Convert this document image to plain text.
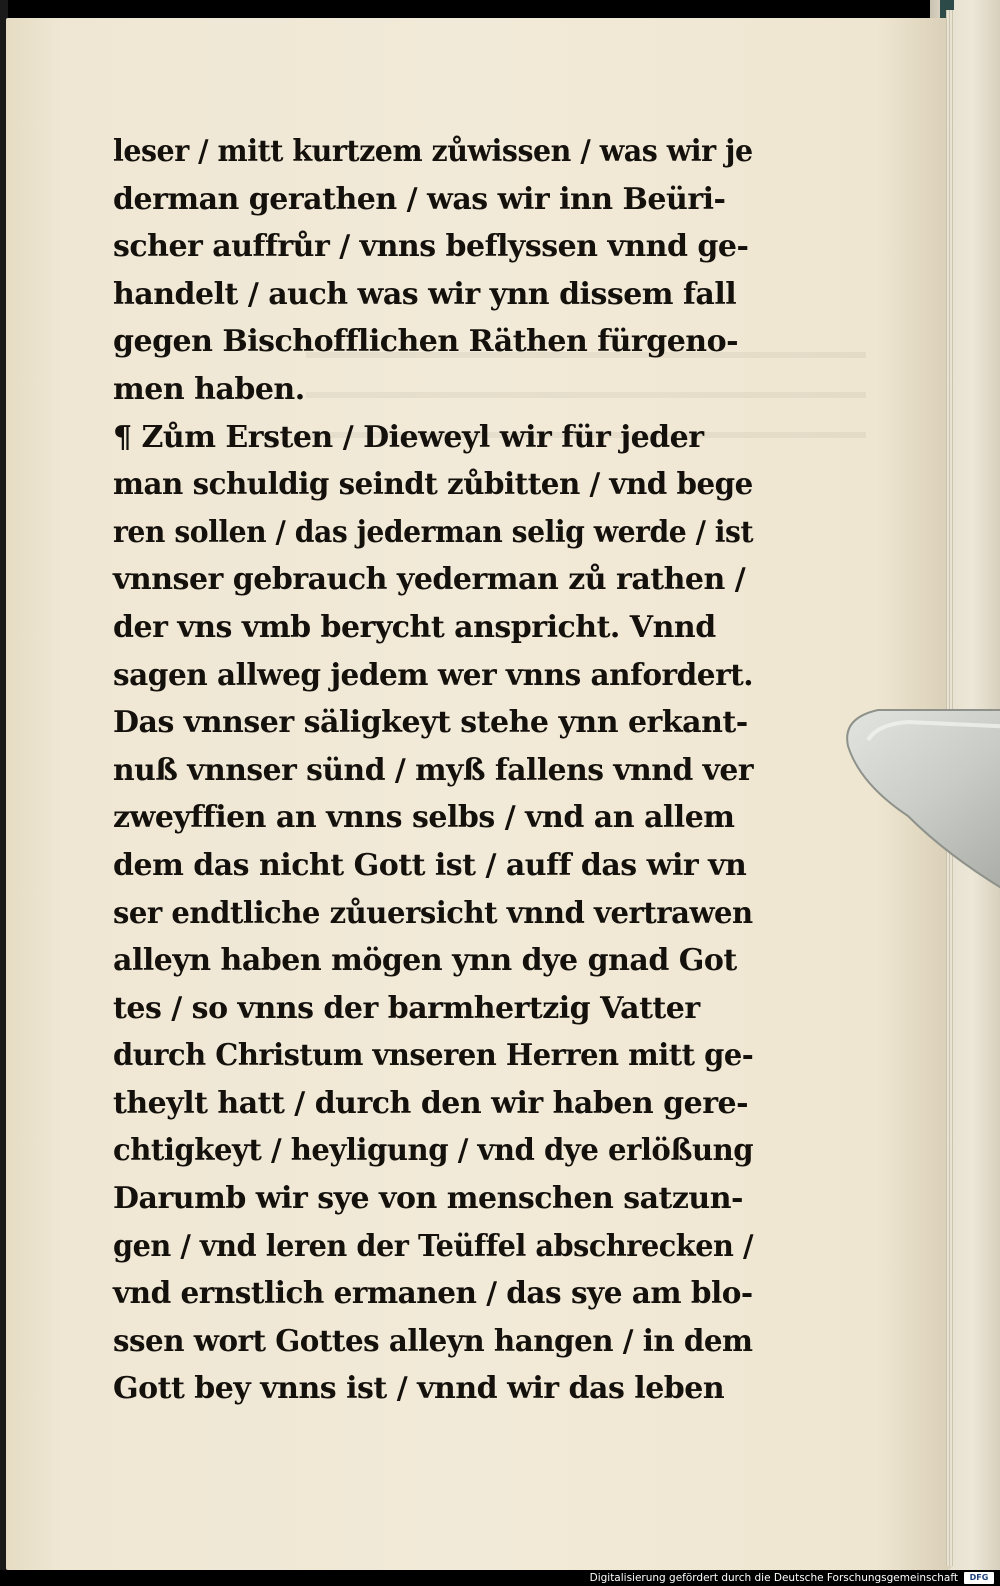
leser / mitt kurtzem zůwissen / was wir je
derman gerathen / was wir inn Beüri-
scher auffrůr / vnns beflyssen vnnd ge-
handelt / auch was wir ynn dissem fall
gegen Bischofflichen Räthen fürgeno-
men haben.
¶ Zům Ersten / Dieweyl wir für jeder
man schuldig seindt zůbitten / vnd bege
ren sollen / das jederman selig werde / ist
vnnser gebrauch yederman zů rathen /
der vns vmb berycht anspricht. Vnnd
sagen allweg jedem wer vnns anfordert.
Das vnnser säligkeyt stehe ynn erkant-
nuß vnnser sünd / myß fallens vnnd ver
zweyffien an vnns selbs / vnd an allem
dem das nicht Gott ist / auff das wir vn
ser endtliche zůuersicht vnnd vertrawen
alleyn haben mögen ynn dye gnad Got
tes / so vnns der barmhertzig Vatter
durch Christum vnseren Herren mitt ge-
theylt hatt / durch den wir haben gere-
chtigkeyt / heyligung / vnd dye erlößung
Darumb wir sye von menschen satzun-
gen / vnd leren der Teüffel abschrecken /
vnd ernstlich ermanen / das sye am blo-
ssen wort Gottes alleyn hangen / in dem
Gott bey vnns ist / vnnd wir das leben
Digitalisierung gefördert durch die Deutsche Forschungsgemeinschaft	DFG
